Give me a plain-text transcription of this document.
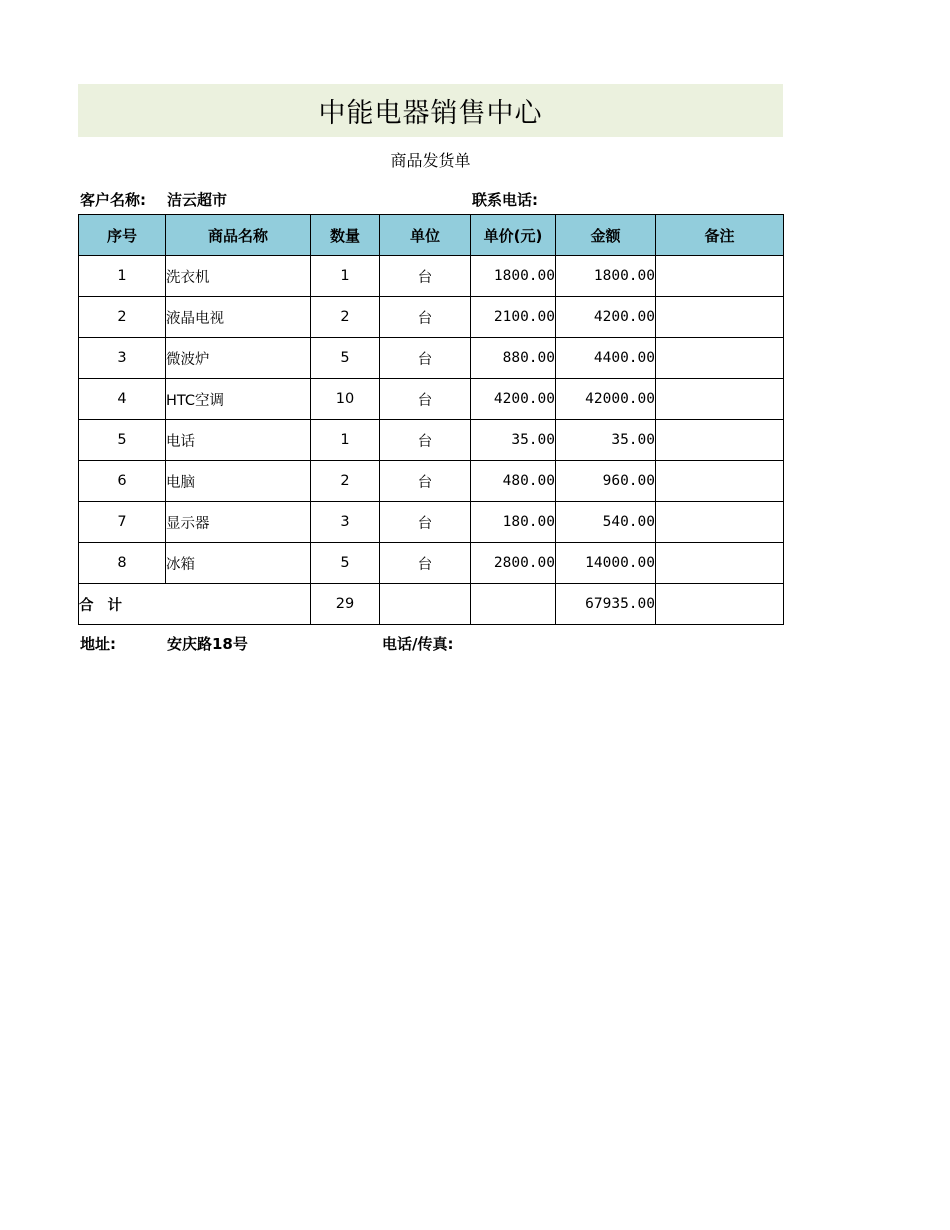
中能电器销售中心
商品发货单
客户名称: 洁云超市	联系电话:
序号	商品名称	数量	单位	单价(元)	金额	备注
1	洗衣机	1	台	1800.00	1800.00	
2	液晶电视	2	台	2100.00	4200.00	
3	微波炉	5	台	880.00	4400.00	
4	HTC空调	10	台	4200.00	42000.00	
5	电话	1	台	35.00	35.00	
6	电脑	2	台	480.00	960.00	
7	显示器	3	台	180.00	540.00	
8	冰箱	5	台	2800.00	14000.00	
合计		29			67935.00	
地址:	安庆路18号	电话/传真:
